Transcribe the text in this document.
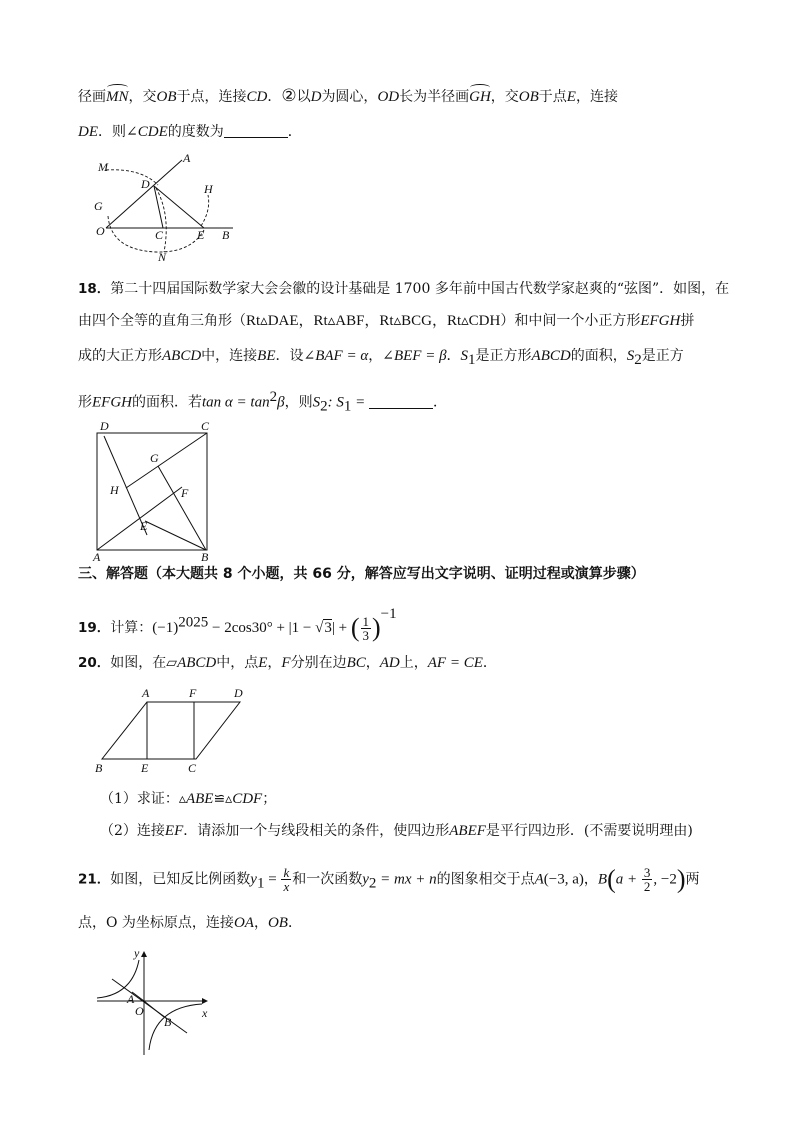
径画MN，交OB于点，连接CD．②以D为圆心，OD长为半径画GH，交OB于点E，连接
DE．则∠CDE的度数为	．
M
A
D	H
G
O	C	E B
N
18．第二十四届国际数学家大会会徽的设计基础是 1700 多年前中国古代数学家赵爽的“弦图”．如图，在
由四个全等的直角三角形（Rt▵DAE，Rt▵ABF，Rt▵BCG，Rt▵CDH）和中间一个小正方形EFGH拼
成的大正方形ABCD中，连接BE．设∠BAF = α，∠BEF = β．$S_1$是正方形ABCD的面积，$S_2$是正方
形EFGH的面积．若$\tan \alpha = \tan^2\beta$，则$S_2$: $S_1$ =	．
D	C
G
H	F
E
A	B
三、解答题（本大题共 8 个小题，共 66 分，解答应写出文字说明、证明过程或演算步骤）
19．计算：$(-1)^{2025} - 2\cos 30^\circ + |1 - √3|$ + ( $\frac{1}{3} )^{-1}$
20．如图，在▱ABCD中，点E，F分别在边BC，AD上，AF = CE．
A	F	D
B	E	C
（1）求证：▵ABE≌▵CDF；
（2）连接EF．请添加一个与线段相关的条件，使四边形ABEF是平行四边形．(不需要说明理由)
21．如图，已知反比例函数$y_1 = \frac{k}{x}$ 和一次函数$y_2$ = mx + n的图象相交于点A(−3, a)，$B(a + \frac{3}{2}$ , −2)两
点，O 为坐标原点，连接OA，OB．
y
A
O	x
B
